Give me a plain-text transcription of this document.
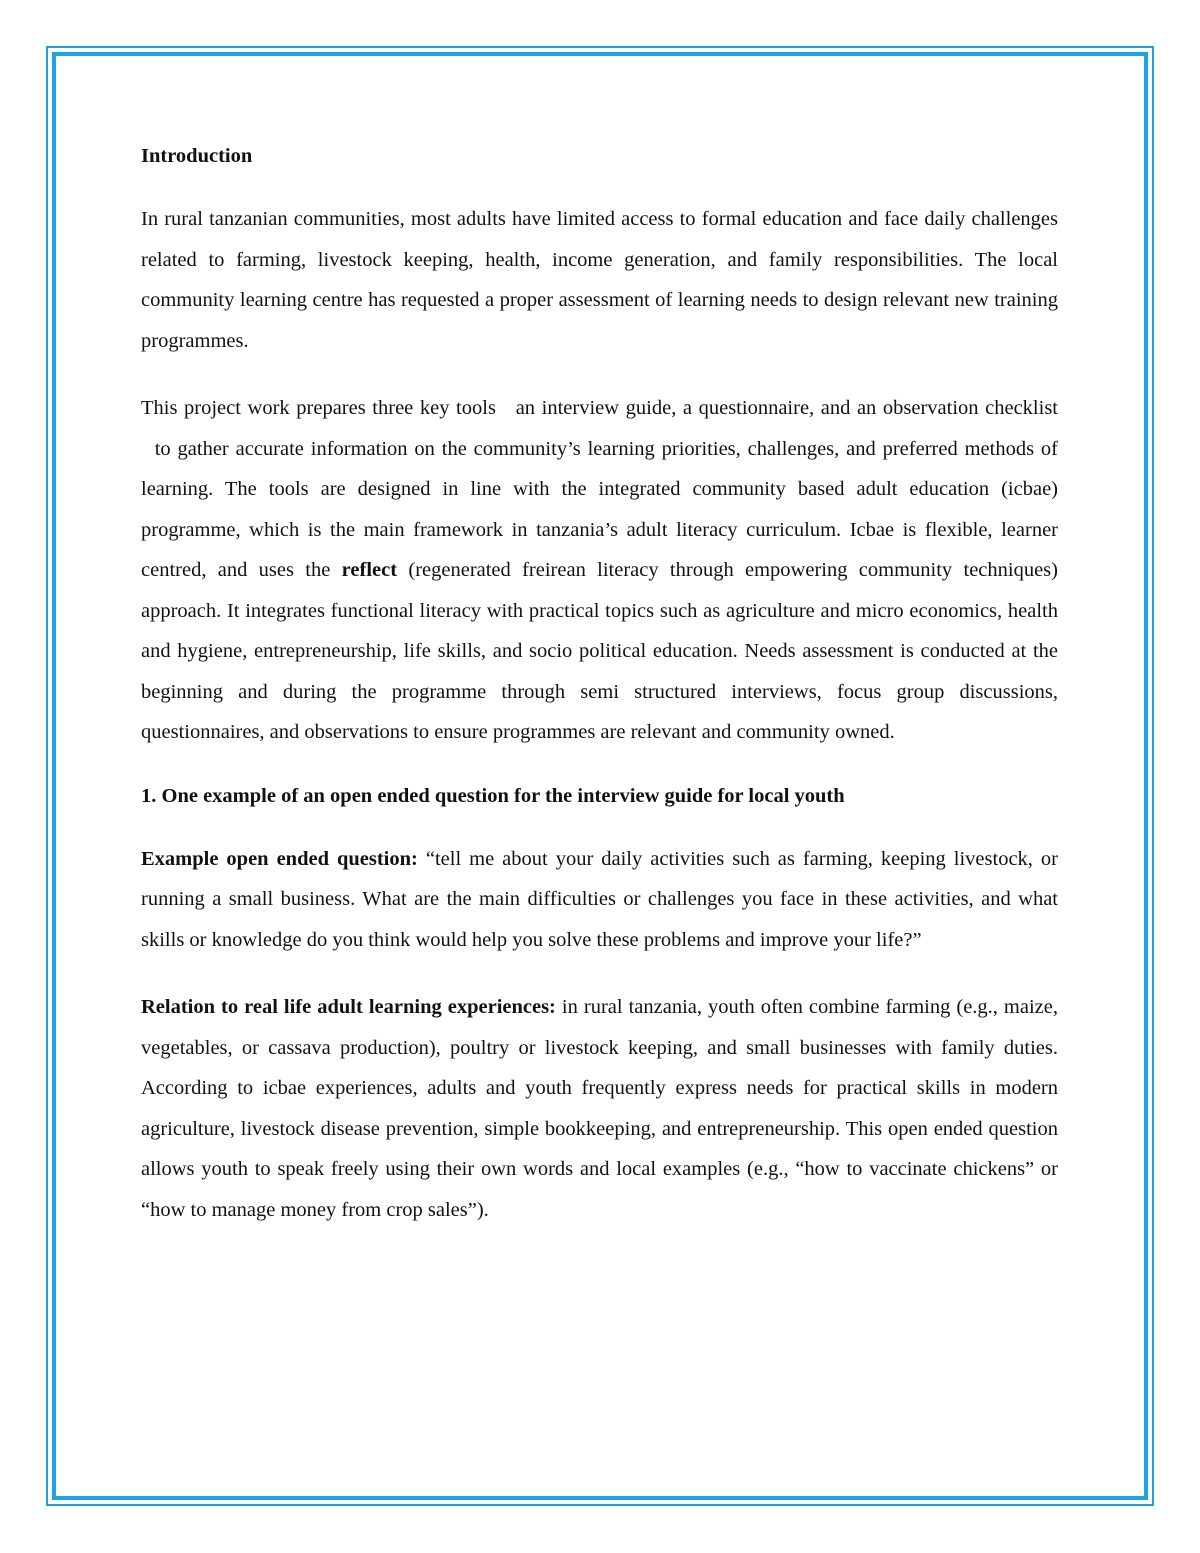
Introduction

In rural tanzanian communities, most adults have limited access to formal education and face daily challenges related to farming, livestock keeping, health, income generation, and family responsibilities. The local community learning centre has requested a proper assessment of learning needs to design relevant new training programmes.

This project work prepares three key tools   an interview guide, a questionnaire, and an observation checklist   to gather accurate information on the community’s learning priorities, challenges, and preferred methods of learning. The tools are designed in line with the integrated community based adult education (icbae) programme, which is the main framework in tanzania’s adult literacy curriculum. Icbae is flexible, learner centred, and uses the reflect (regenerated freirean literacy through empowering community techniques) approach. It integrates functional literacy with practical topics such as agriculture and micro economics, health and hygiene, entrepreneurship, life skills, and socio political education. Needs assessment is conducted at the beginning and during the programme through semi structured interviews, focus group discussions, questionnaires, and observations to ensure programmes are relevant and community owned.

1. One example of an open ended question for the interview guide for local youth

Example open ended question: “tell me about your daily activities such as farming, keeping livestock, or running a small business. What are the main difficulties or challenges you face in these activities, and what skills or knowledge do you think would help you solve these problems and improve your life?”

Relation to real life adult learning experiences: in rural tanzania, youth often combine farming (e.g., maize, vegetables, or cassava production), poultry or livestock keeping, and small businesses with family duties. According to icbae experiences, adults and youth frequently express needs for practical skills in modern agriculture, livestock disease prevention, simple bookkeeping, and entrepreneurship. This open ended question allows youth to speak freely using their own words and local examples (e.g., “how to vaccinate chickens” or “how to manage money from crop sales”).
